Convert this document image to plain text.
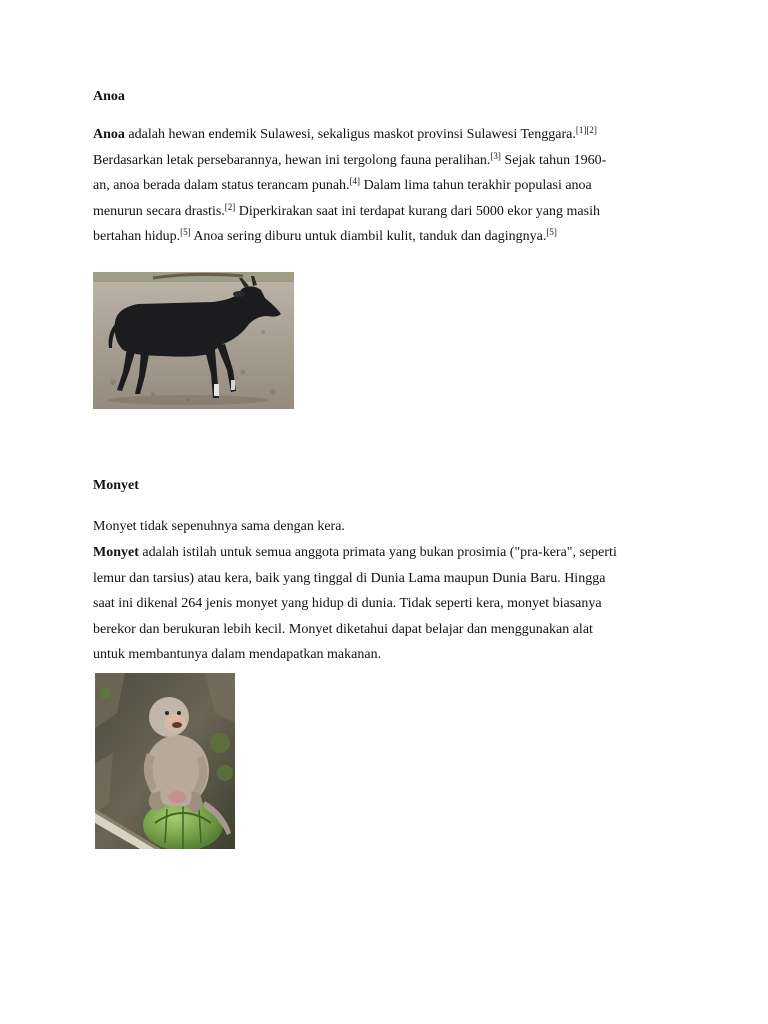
Anoa

Anoa adalah hewan endemik Sulawesi, sekaligus maskot provinsi Sulawesi Tenggara.[1][2]
Berdasarkan letak persebarannya, hewan ini tergolong fauna peralihan.[3] Sejak tahun 1960-
an, anoa berada dalam status terancam punah.[4] Dalam lima tahun terakhir populasi anoa
menurun secara drastis.[2] Diperkirakan saat ini terdapat kurang dari 5000 ekor yang masih
bertahan hidup.[5] Anoa sering diburu untuk diambil kulit, tanduk dan dagingnya.[5]

Monyet

Monyet tidak sepenuhnya sama dengan kera.

Monyet adalah istilah untuk semua anggota primata yang bukan prosimia ("pra-kera", seperti
lemur dan tarsius) atau kera, baik yang tinggal di Dunia Lama maupun Dunia Baru. Hingga
saat ini dikenal 264 jenis monyet yang hidup di dunia. Tidak seperti kera, monyet biasanya
berekor dan berukuran lebih kecil. Monyet diketahui dapat belajar dan menggunakan alat
untuk membantunya dalam mendapatkan makanan.
